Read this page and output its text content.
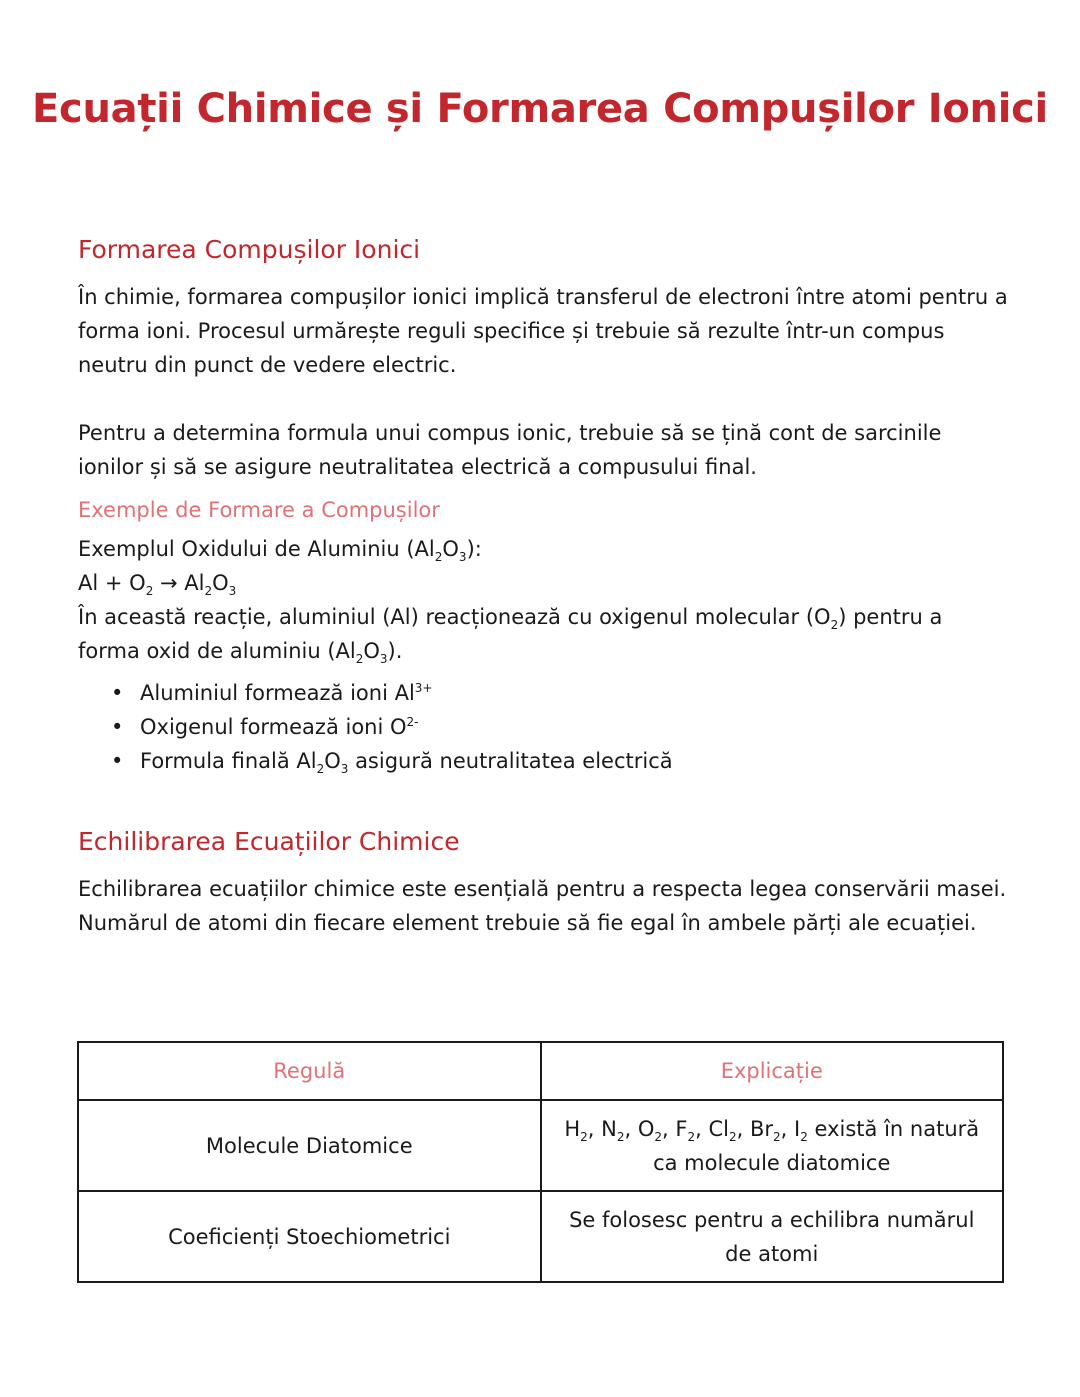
Ecuații Chimice și Formarea Compușilor Ionici
Formarea Compușilor Ionici

În chimie, formarea compușilor ionici implică transferul de electroni între atomi pentru a forma ioni. Procesul urmărește reguli specifice și trebuie să rezulte într-un compus neutru din punct de vedere electric.

Pentru a determina formula unui compus ionic, trebuie să se țină cont de sarcinile ionilor și să se asigure neutralitatea electrică a compusului final.

Exemple de Formare a Compușilor

Exemplul Oxidului de Aluminiu $(Al_2O_3)$:

$Al + O_2 \to Al_2O_3$

În această reacție, aluminiul (Al) reacționează cu oxigenul molecular $(O_2)$ pentru a forma oxid de aluminiu $(Al_2O_3)$.

• Aluminiul formează ioni $Al^{3+}$
• Oxigenul formează ioni $O^{2-}$
• Formula finală $Al_2O_3$ asigură neutralitatea electrică
Echilibrarea Ecuațiilor Chimice

Echilibrarea ecuațiilor chimice este esențială pentru a respecta legea conservării masei. Numărul de atomi din fiecare element trebuie să fie egal în ambele părți ale ecuației.

Regulă	Explicație
Molecule Diatomice	$H_2$, $N_2$, $O_2$, $F_2$, $Cl_2$, $Br_2$, $I_2$ există în natură ca molecule diatomice
Coeficienți Stoechiometrici	Se folosesc pentru a echilibra numărul de atomi
